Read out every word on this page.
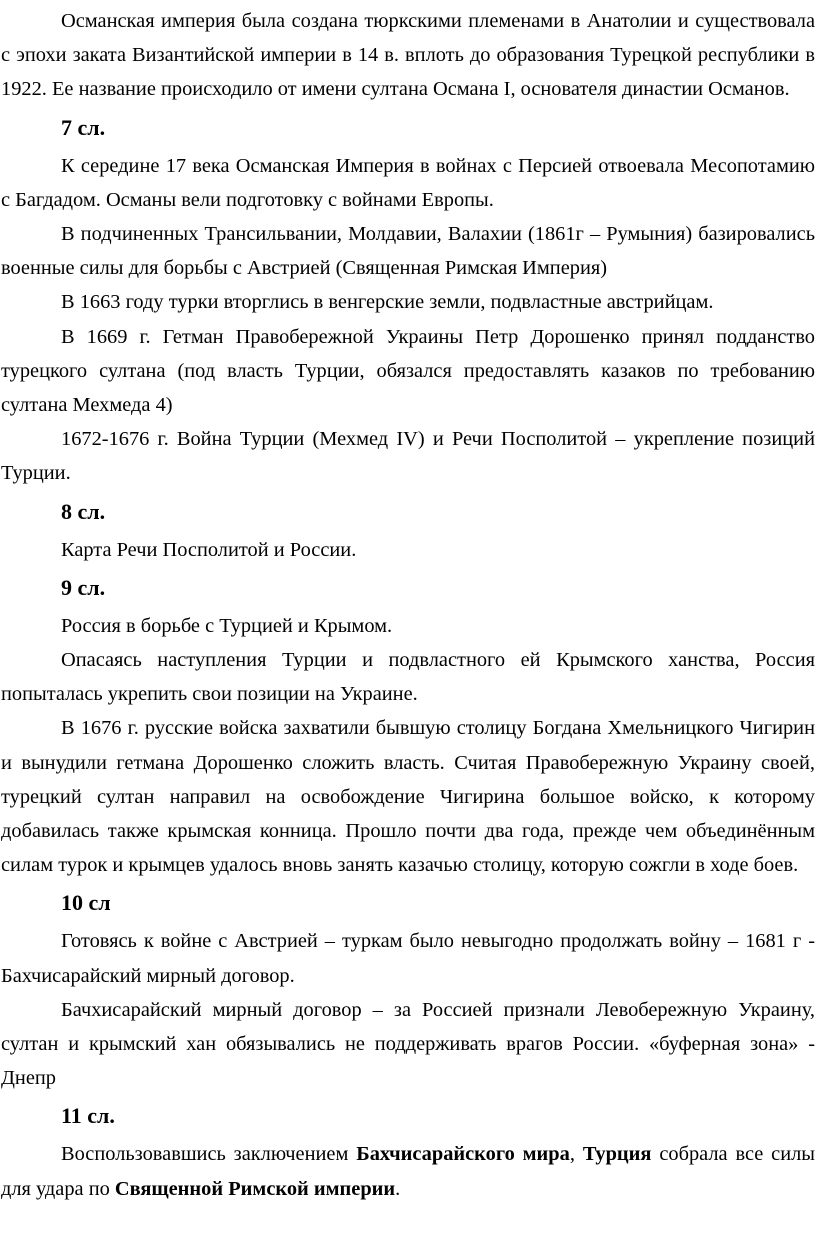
Османская империя была создана тюркскими племенами в Анатолии и существовала с эпохи заката Византийской империи в 14 в. вплоть до образования Турецкой республики в 1922. Ее название происходило от имени султана Османа I, основателя династии Османов.

7 сл.

К середине 17 века Османская Империя в войнах с Персией отвоевала Месопотамию с Багдадом. Османы вели подготовку с войнами Европы.

В подчиненных Трансильвании, Молдавии, Валахии (1861г – Румыния) базировались военные силы для борьбы с Австрией (Священная Римская Империя)

В 1663 году турки вторглись в венгерские земли, подвластные австрийцам.

В 1669 г. Гетман Правобережной Украины Петр Дорошенко принял подданство турецкого султана (под власть Турции, обязался предоставлять казаков по требованию султана Мехмеда 4)

1672-1676 г. Война Турции (Мехмед IV) и Речи Посполитой – укрепление позиций Турции.

8 сл.

Карта Речи Посполитой и России.

9 сл.

Россия в борьбе с Турцией и Крымом.

Опасаясь наступления Турции и подвластного ей Крымского ханства, Россия попыталась укрепить свои позиции на Украине.

В 1676 г. русские войска захватили бывшую столицу Богдана Хмельницкого Чигирин и вынудили гетмана Дорошенко сложить власть. Считая Правобережную Украину своей, турецкий султан направил на освобождение Чигирина большое войско, к которому добавилась также крымская конница. Прошло почти два года, прежде чем объединённым силам турок и крымцев удалось вновь занять казачью столицу, которую сожгли в ходе боев.

10 сл

Готовясь к войне с Австрией – туркам было невыгодно продолжать войну – 1681 г - Бахчисарайский мирный договор.

Бачхисарайский мирный договор – за Россией признали Левобережную Украину, султан и крымский хан обязывались не поддерживать врагов России. «буферная зона» - Днепр

11 сл.

Воспользовавшись заключением Бахчисарайского мира, Турция собрала все силы для удара по Священной Римской империи.
